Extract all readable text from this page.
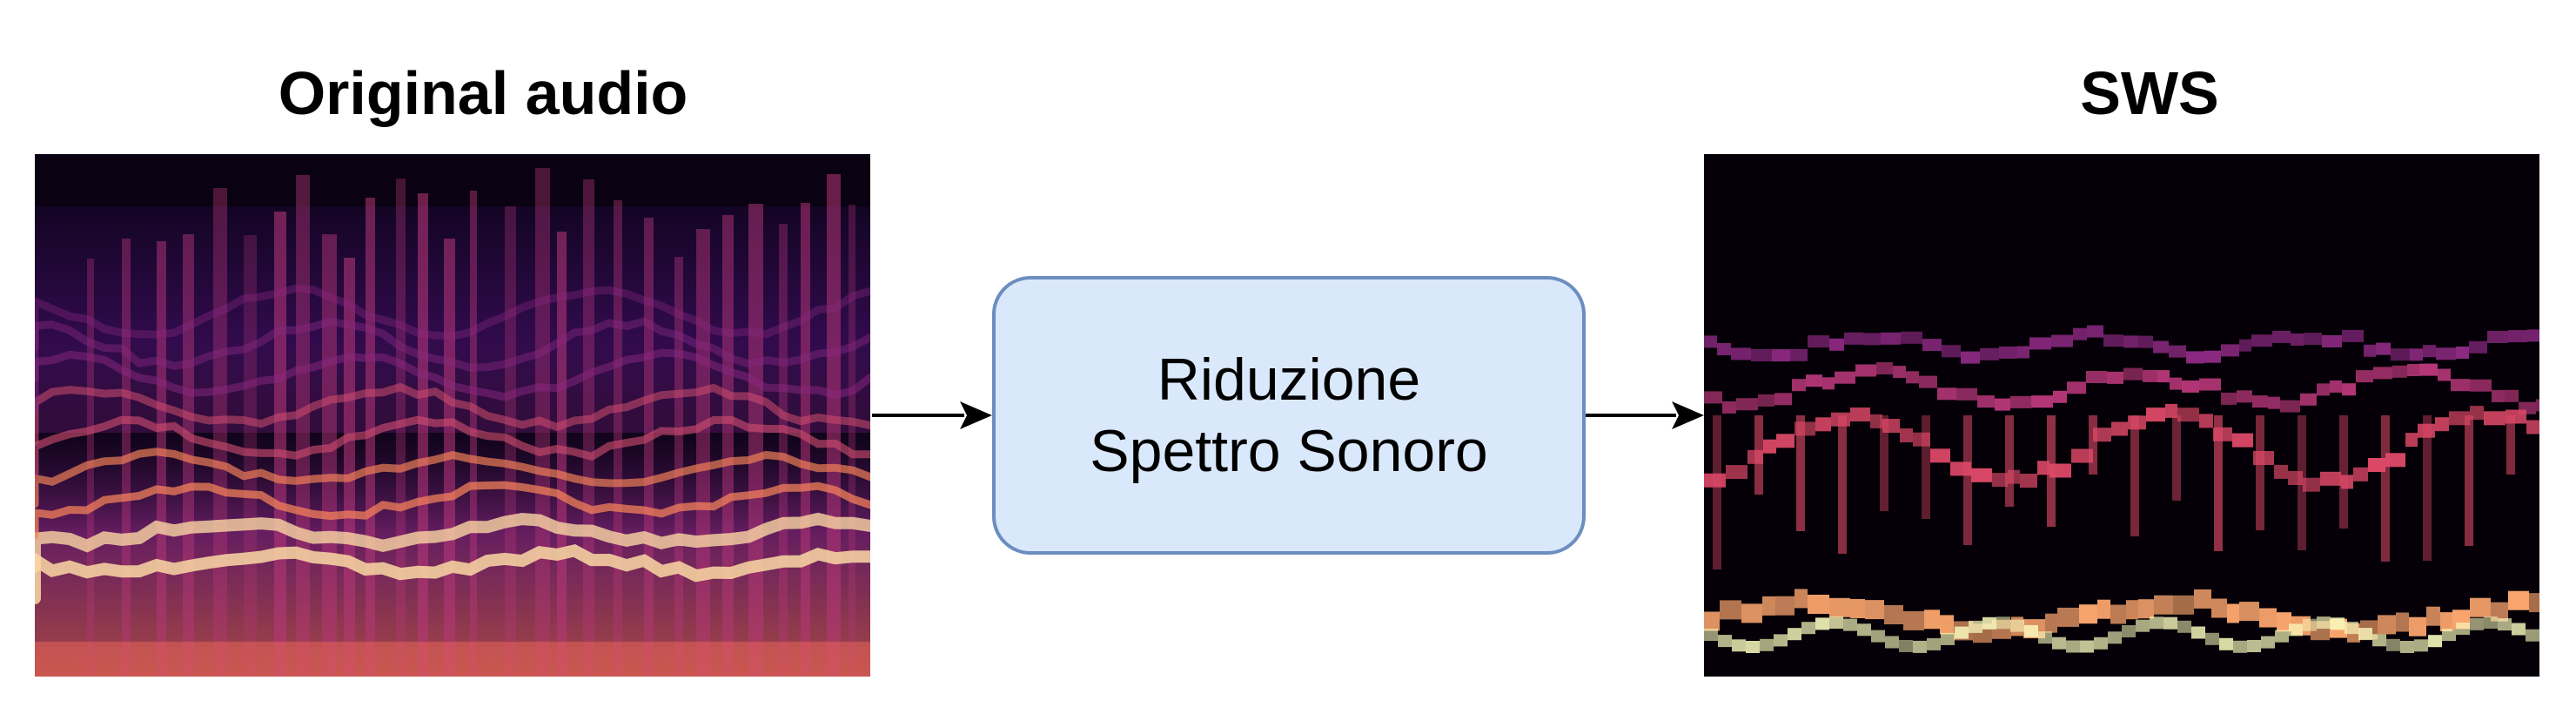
Original audio	SWS
Riduzione
Spettro Sonoro
